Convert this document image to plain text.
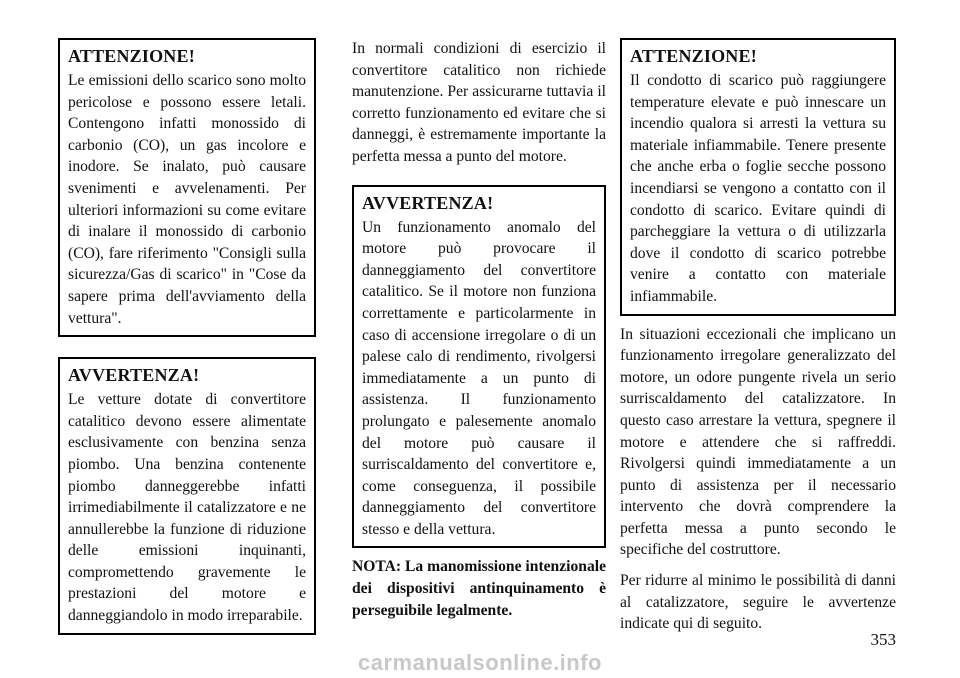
ATTENZIONE!

Le emissioni dello scarico sono molto pericolose e possono essere letali. Contengono infatti monossido di carbonio (CO), un gas incolore e inodore. Se inalato, può causare svenimenti e avvelenamenti. Per ulteriori informazioni su come evitare di inalare il monossido di carbonio (CO), fare riferimento "Consigli sulla sicurezza/Gas di scarico" in "Cose da sapere prima dell'avviamento della vettura".

AVVERTENZA!

Le vetture dotate di convertitore catalitico devono essere alimentate esclusivamente con benzina senza piombo. Una benzina contenente piombo danneggerebbe infatti irrimediabilmente il catalizzatore e ne annullerebbe la funzione di riduzione delle emissioni inquinanti, compromettendo gravemente le prestazioni del motore e danneggiandolo in modo irreparabile.

In normali condizioni di esercizio il convertitore catalitico non richiede manutenzione. Per assicurarne tuttavia il corretto funzionamento ed evitare che si danneggi, è estremamente importante la perfetta messa a punto del motore.

AVVERTENZA!

Un funzionamento anomalo del motore può provocare il danneggiamento del convertitore catalitico. Se il motore non funziona correttamente e particolarmente in caso di accensione irregolare o di un palese calo di rendimento, rivolgersi immediatamente a un punto di assistenza. Il funzionamento prolungato e palesemente anomalo del motore può causare il surriscaldamento del convertitore e, come conseguenza, il possibile danneggiamento del convertitore stesso e della vettura.

NOTA: La manomissione intenzionale dei dispositivi antinquinamento è perseguibile legalmente.

ATTENZIONE!

Il condotto di scarico può raggiungere temperature elevate e può innescare un incendio qualora si arresti la vettura su materiale infiammabile. Tenere presente che anche erba o foglie secche possono incendiarsi se vengono a contatto con il condotto di scarico. Evitare quindi di parcheggiare la vettura o di utilizzarla dove il condotto di scarico potrebbe venire a contatto con materiale infiammabile.

In situazioni eccezionali che implicano un funzionamento irregolare generalizzato del motore, un odore pungente rivela un serio surriscaldamento del catalizzatore. In questo caso arrestare la vettura, spegnere il motore e attendere che si raffreddi. Rivolgersi quindi immediatamente a un punto di assistenza per il necessario intervento che dovrà comprendere la perfetta messa a punto secondo le specifiche del costruttore.

Per ridurre al minimo le possibilità di danni al catalizzatore, seguire le avvertenze indicate qui di seguito.

353
carmanualsonline.info
